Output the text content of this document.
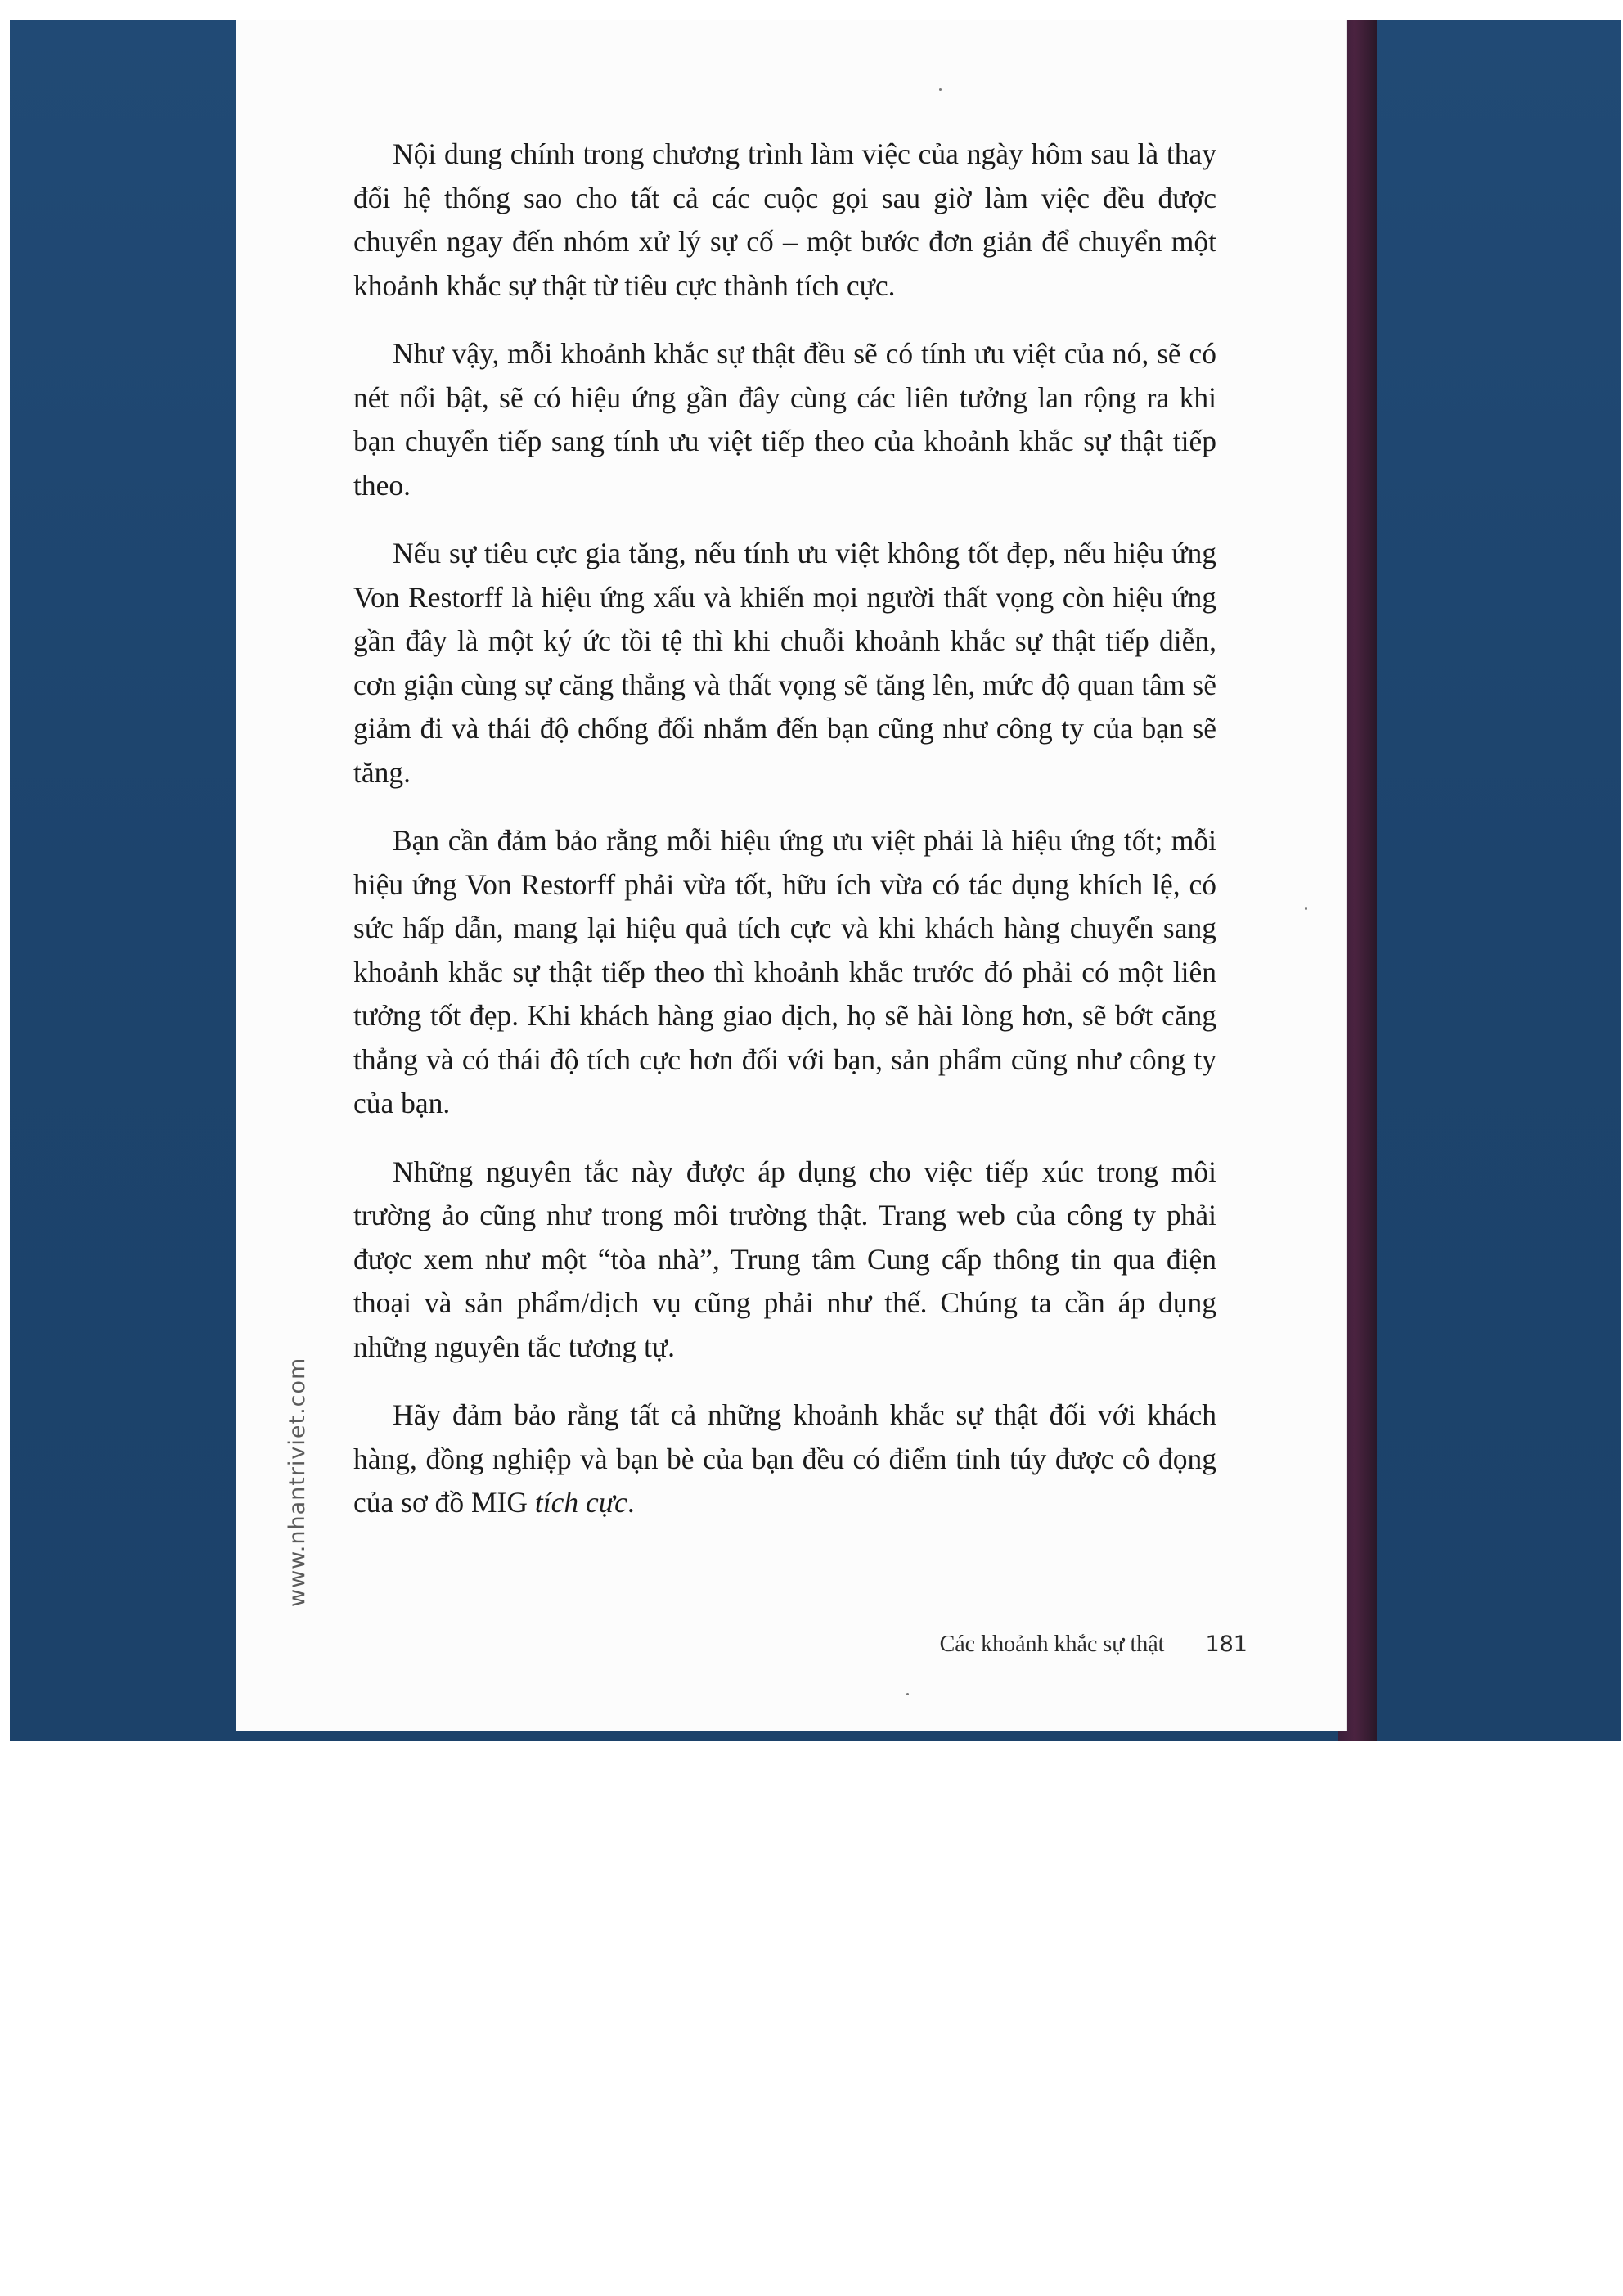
Nội dung chính trong chương trình làm việc của ngày hôm sau là thay đổi hệ thống sao cho tất cả các cuộc gọi sau giờ làm việc đều được chuyển ngay đến nhóm xử lý sự cố – một bước đơn giản để chuyển một khoảnh khắc sự thật từ tiêu cực thành tích cực.

Như vậy, mỗi khoảnh khắc sự thật đều sẽ có tính ưu việt của nó, sẽ có nét nổi bật, sẽ có hiệu ứng gần đây cùng các liên tưởng lan rộng ra khi bạn chuyển tiếp sang tính ưu việt tiếp theo của khoảnh khắc sự thật tiếp theo.

Nếu sự tiêu cực gia tăng, nếu tính ưu việt không tốt đẹp, nếu hiệu ứng Von Restorff là hiệu ứng xấu và khiến mọi người thất vọng còn hiệu ứng gần đây là một ký ức tồi tệ thì khi chuỗi khoảnh khắc sự thật tiếp diễn, cơn giận cùng sự căng thẳng và thất vọng sẽ tăng lên, mức độ quan tâm sẽ giảm đi và thái độ chống đối nhắm đến bạn cũng như công ty của bạn sẽ tăng.

Bạn cần đảm bảo rằng mỗi hiệu ứng ưu việt phải là hiệu ứng tốt; mỗi hiệu ứng Von Restorff phải vừa tốt, hữu ích vừa có tác dụng khích lệ, có sức hấp dẫn, mang lại hiệu quả tích cực và khi khách hàng chuyển sang khoảnh khắc sự thật tiếp theo thì khoảnh khắc trước đó phải có một liên tưởng tốt đẹp. Khi khách hàng giao dịch, họ sẽ hài lòng hơn, sẽ bớt căng thẳng và có thái độ tích cực hơn đối với bạn, sản phẩm cũng như công ty của bạn.

Những nguyên tắc này được áp dụng cho việc tiếp xúc trong môi trường ảo cũng như trong môi trường thật. Trang web của công ty phải được xem như một “tòa nhà”, Trung tâm Cung cấp thông tin qua điện thoại và sản phẩm/dịch vụ cũng phải như thế. Chúng ta cần áp dụng những nguyên tắc tương tự.

Hãy đảm bảo rằng tất cả những khoảnh khắc sự thật đối với khách hàng, đồng nghiệp và bạn bè của bạn đều có điểm tinh túy được cô đọng của sơ đồ MIG tích cực.

www.nhantriviet.com
Các khoảnh khắc sự thật 181
